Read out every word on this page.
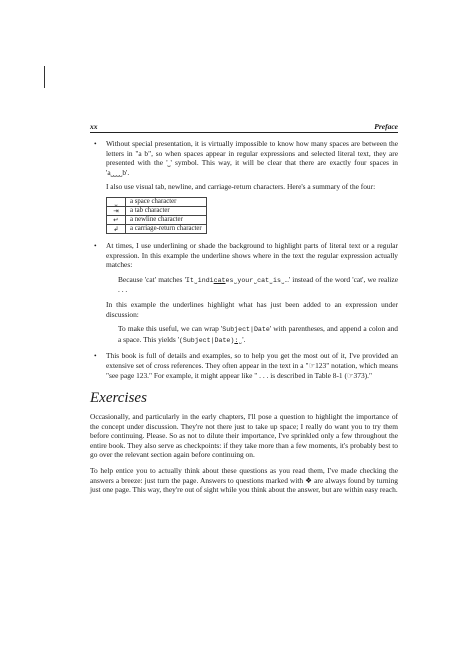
xx	Preface
• Without special presentation, it is virtually impossible to know how many spaces are between the letters in "a b", so when spaces appear in regular expressions and selected literal text, they are presented with the '˽' symbol. This way, it will be clear that there are exactly four spaces in 'a˽˽˽˽b'.

I also use visual tab, newline, and carriage-return characters. Here's a summary of the four:

˽	a space character
⇥	a tab character
↵	a newline character
↲	a carriage-return character
• At times, I use underlining or shade the background to highlight parts of literal text or a regular expression. In this example the underline shows where in the text the regular expression actually matches:

Because 'cat' matches 'It˽indicates˽your˽cat˽is˽…' instead of the word 'cat', we realize . . .

In this example the underlines highlight what has just been added to an expression under discussion:

To make this useful, we can wrap 'Subject|Date' with parentheses, and append a colon and a space. This yields '(Subject|Date):˽'.

• This book is full of details and examples, so to help you get the most out of it, I've provided an extensive set of cross references. They often appear in the text in a "☞123" notation, which means "see page 123." For example, it might appear like " . . . is described in Table 8-1 (☞373)."

Exercises

Occasionally, and particularly in the early chapters, I'll pose a question to highlight the importance of the concept under discussion. They're not there just to take up space; I really do want you to try them before continuing. Please. So as not to dilute their importance, I've sprinkled only a few throughout the entire book. They also serve as checkpoints: if they take more than a few moments, it's probably best to go over the relevant section again before continuing on.

To help entice you to actually think about these questions as you read them, I've made checking the answers a breeze: just turn the page. Answers to questions marked with ❖ are always found by turning just one page. This way, they're out of sight while you think about the answer, but are within easy reach.
